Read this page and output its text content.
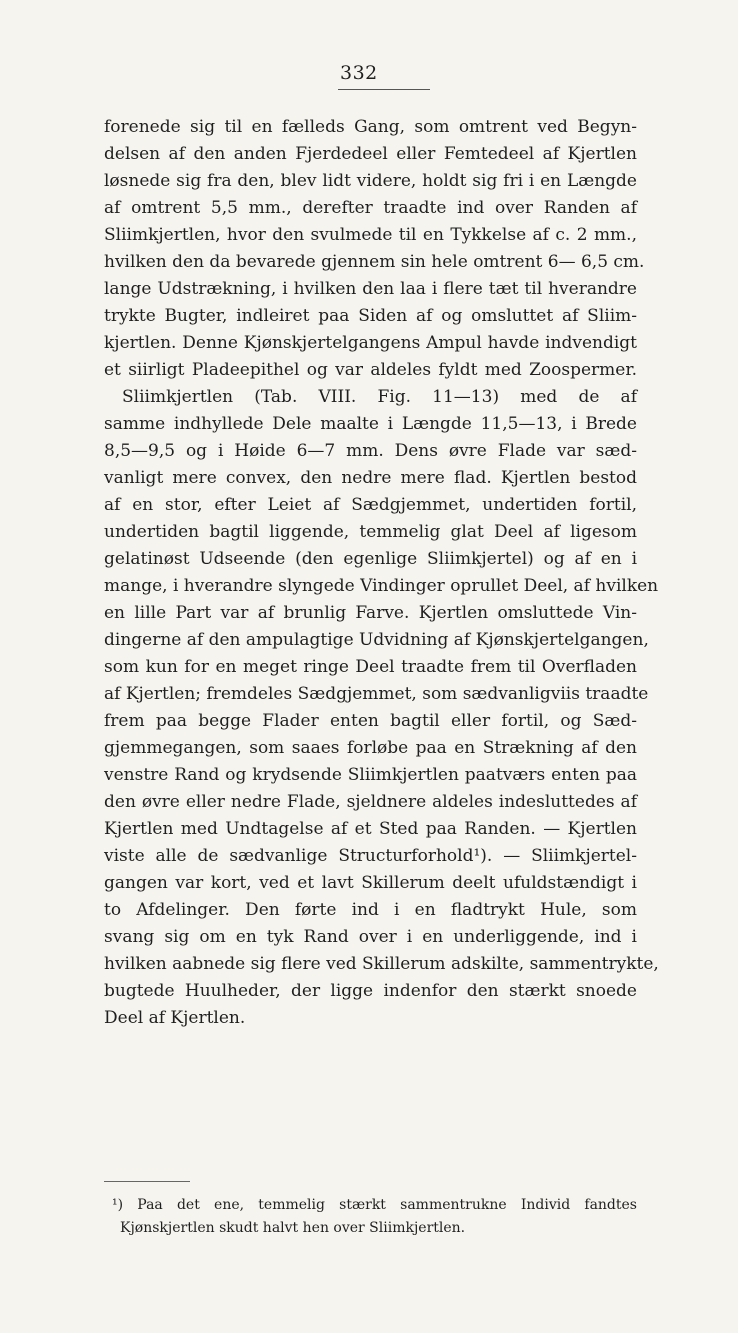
332
forenede sig til en fælleds Gang, som omtrent ved Begyn-
delsen af den anden Fjerdedeel eller Femtedeel af Kjertlen
løsnede sig fra den, blev lidt videre, holdt sig fri i en Længde
af omtrent 5,5 mm., derefter traadte ind over Randen af
Sliimkjertlen, hvor den svulmede til en Tykkelse af c. 2 mm.,
hvilken den da bevarede gjennem sin hele omtrent 6— 6,5 cm.
lange Udstrækning, i hvilken den laa i flere tæt til hverandre
trykte Bugter, indleiret paa Siden af og omsluttet af Sliim-
kjertlen. Denne Kjønskjertelgangens Ampul havde indvendigt
et siirligt Pladeepithel og var aldeles fyldt med Zoospermer.
Sliimkjertlen (Tab. VIII. Fig. 11—13) med de af
samme indhyllede Dele maalte i Længde 11,5—13, i Brede
8,5—9,5 og i Høide 6—7 mm. Dens øvre Flade var sæd-
vanligt mere convex, den nedre mere flad. Kjertlen bestod
af en stor, efter Leiet af Sædgjemmet, undertiden fortil,
undertiden bagtil liggende, temmelig glat Deel af ligesom
gelatinøst Udseende (den egenlige Sliimkjertel) og af en i
mange, i hverandre slyngede Vindinger oprullet Deel, af hvilken
en lille Part var af brunlig Farve. Kjertlen omsluttede Vin-
dingerne af den ampulagtige Udvidning af Kjønskjertelgangen,
som kun for en meget ringe Deel traadte frem til Overfladen
af Kjertlen; fremdeles Sædgjemmet, som sædvanligviis traadte
frem paa begge Flader enten bagtil eller fortil, og Sæd-
gjemmegangen, som saaes forløbe paa en Strækning af den
venstre Rand og krydsende Sliimkjertlen paatværs enten paa
den øvre eller nedre Flade, sjeldnere aldeles indesluttedes af
Kjertlen med Undtagelse af et Sted paa Randen. — Kjertlen
viste alle de sædvanlige Structurforhold¹). — Sliimkjertel-
gangen var kort, ved et lavt Skillerum deelt ufuldstændigt i
to Afdelinger. Den førte ind i en fladtrykt Hule, som
svang sig om en tyk Rand over i en underliggende, ind i
hvilken aabnede sig flere ved Skillerum adskilte, sammentrykte,
bugtede Huulheder, der ligge indenfor den stærkt snoede
Deel af Kjertlen.
¹) Paa det ene, temmelig stærkt sammentrukne Individ fandtes
Kjønskjertlen skudt halvt hen over Sliimkjertlen.
